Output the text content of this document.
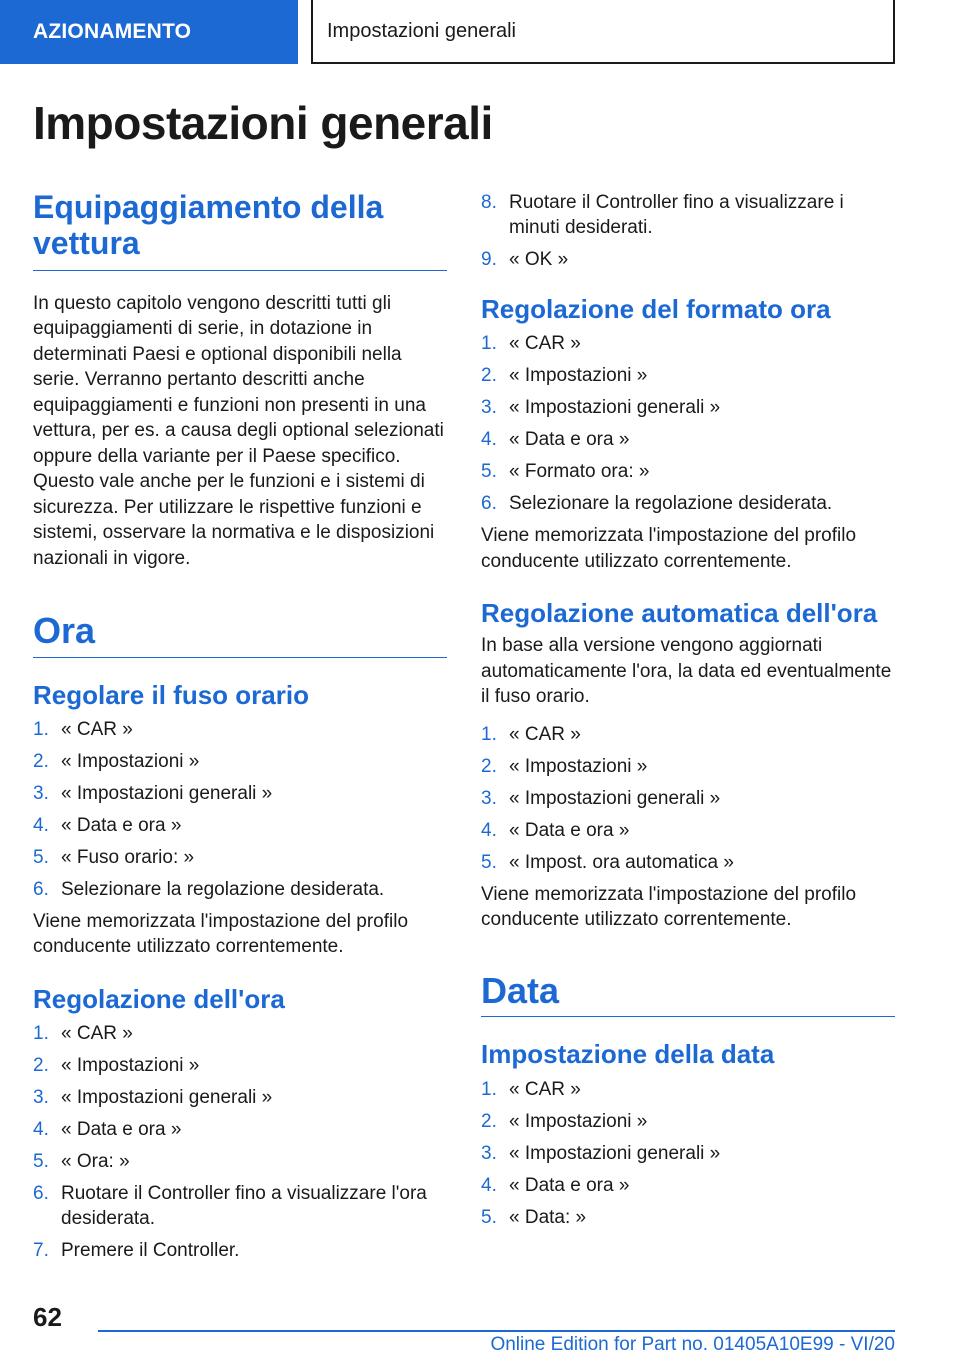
AZIONAMENTO	Impostazioni generali
Impostazioni generali
Equipaggiamento della vettura

In questo capitolo vengono descritti tutti gli equipaggiamenti di serie, in dotazione in determinati Paesi e optional disponibili nella serie. Verranno pertanto descritti anche equipaggiamenti e funzioni non presenti in una vettura, per es. a causa degli optional selezionati oppure della variante per il Paese specifico. Questo vale anche per le funzioni e i sistemi di sicurezza. Per utilizzare le rispettive funzioni e sistemi, osservare la normativa e le disposizioni nazionali in vigore.

Ora
Regolare il fuso orario
1. « CAR »
2. « Impostazioni »
3. « Impostazioni generali »
4. « Data e ora »
5. « Fuso orario: »
6. Selezionare la regolazione desiderata.

Viene memorizzata l'impostazione del profilo conducente utilizzato correntemente.

Regolazione dell'ora
1. « CAR »
2. « Impostazioni »
3. « Impostazioni generali »
4. « Data e ora »
5. « Ora: »
6. Ruotare il Controller fino a visualizzare l'ora desiderata.
7. Premere il Controller.
8. Ruotare il Controller fino a visualizzare i minuti desiderati.
9. « OK »
Regolazione del formato ora
1. « CAR »
2. « Impostazioni »
3. « Impostazioni generali »
4. « Data e ora »
5. « Formato ora: »
6. Selezionare la regolazione desiderata.

Viene memorizzata l'impostazione del profilo conducente utilizzato correntemente.

Regolazione automatica dell'ora

In base alla versione vengono aggiornati automaticamente l'ora, la data ed eventualmente il fuso orario.

1. « CAR »
2. « Impostazioni »
3. « Impostazioni generali »
4. « Data e ora »
5. « Impost. ora automatica »

Viene memorizzata l'impostazione del profilo conducente utilizzato correntemente.

Data
Impostazione della data
1. « CAR »
2. « Impostazioni »
3. « Impostazioni generali »
4. « Data e ora »
5. « Data: »
62
Online Edition for Part no. 01405A10E99 - VI/20
